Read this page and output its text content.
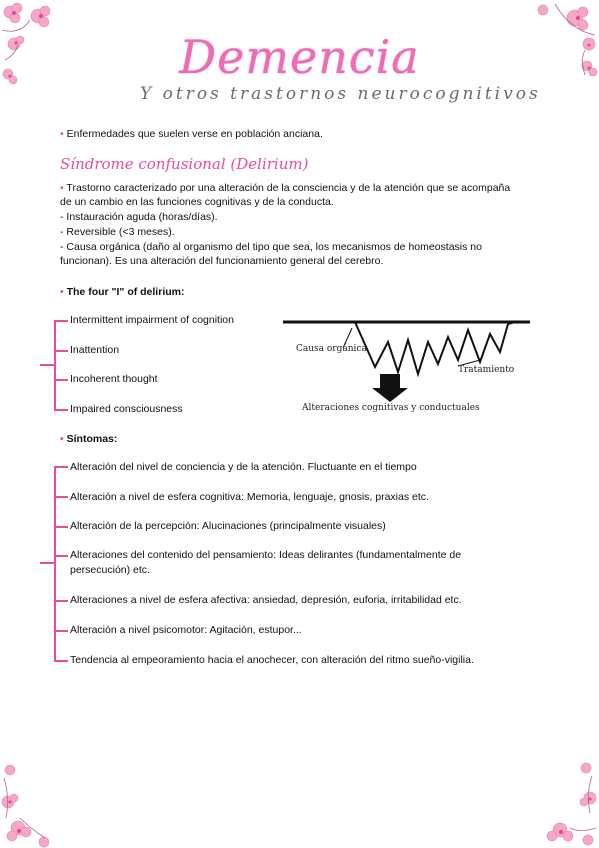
Demencia
Y otros trastornos neurocognitivos
• Enfermedades que suelen verse en población anciana.
Síndrome confusional (Delirium)
• Trastorno caracterizado por una alteración de la consciencia y de la atención que se acompaña
de un cambio en las funciones cognitivas y de la conducta.
- Instauración aguda (horas/días).
- Reversible (<3 meses).
- Causa orgánica (daño al organismo del tipo que sea, los mecanismos de homeostasis no
funcionan). Es una alteración del funcionamiento general del cerebro.
• The four "I" of delirium:
Intermittent impairment of cognition
Inattention
Incoherent thought
Impaired consciousness
Causa orgánica
Tratamiento
Alteraciones cognitivas y conductuales
• Síntomas:
Alteración del nivel de conciencia y de la atención. Fluctuante en el tiempo
Alteración a nivel de esfera cognitiva: Memoria, lenguaje, gnosis, praxias etc.
Alteración de la percepción: Alucinaciones (principalmente visuales)
Alteraciones del contenido del pensamiento: Ideas delirantes (fundamentalmente de
persecución) etc.
Alteraciones a nivel de esfera afectiva: ansiedad, depresión, euforia, irritabilidad etc.
Alteración a nivel psicomotor: Agitación, estupor...
Tendencia al empeoramiento hacia el anochecer, con alteración del ritmo sueño-vigilia.
